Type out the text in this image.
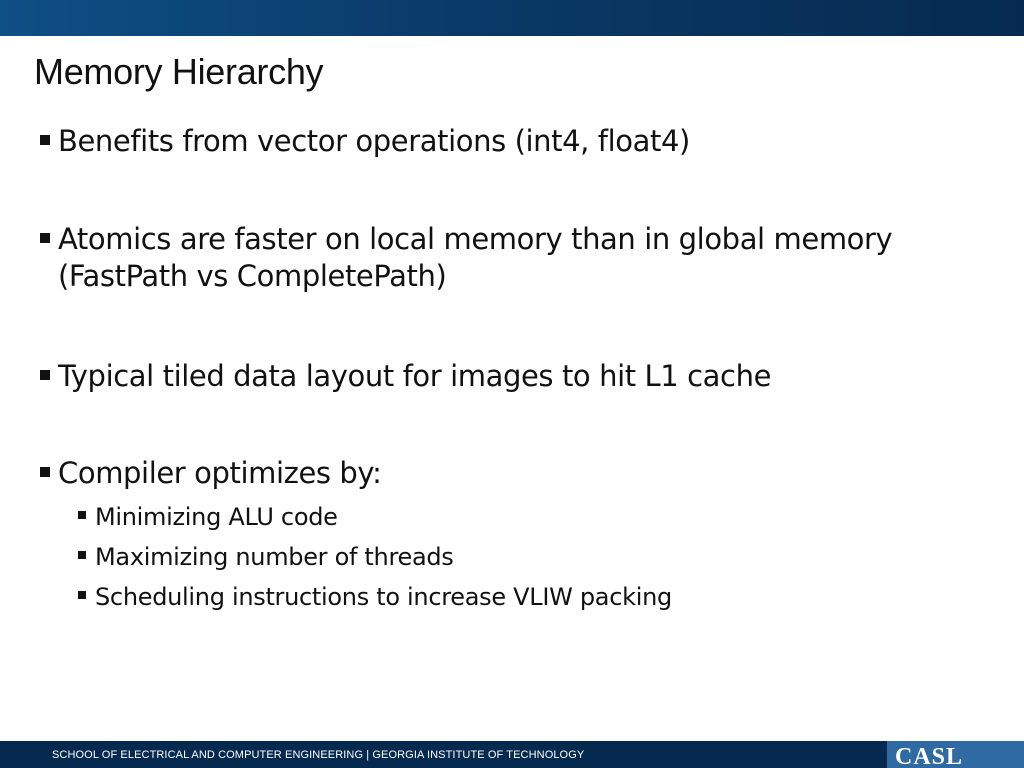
Memory Hierarchy
Benefits from vector operations (int4, float4)
Atomics are faster on local memory than in global memory
(FastPath vs CompletePath)
Typical tiled data layout for images to hit L1 cache
Compiler optimizes by:
Minimizing ALU code
Maximizing number of threads
Scheduling instructions to increase VLIW packing
SCHOOL OF ELECTRICAL AND COMPUTER ENGINEERING | GEORGIA INSTITUTE OF TECHNOLOGY	CASL
